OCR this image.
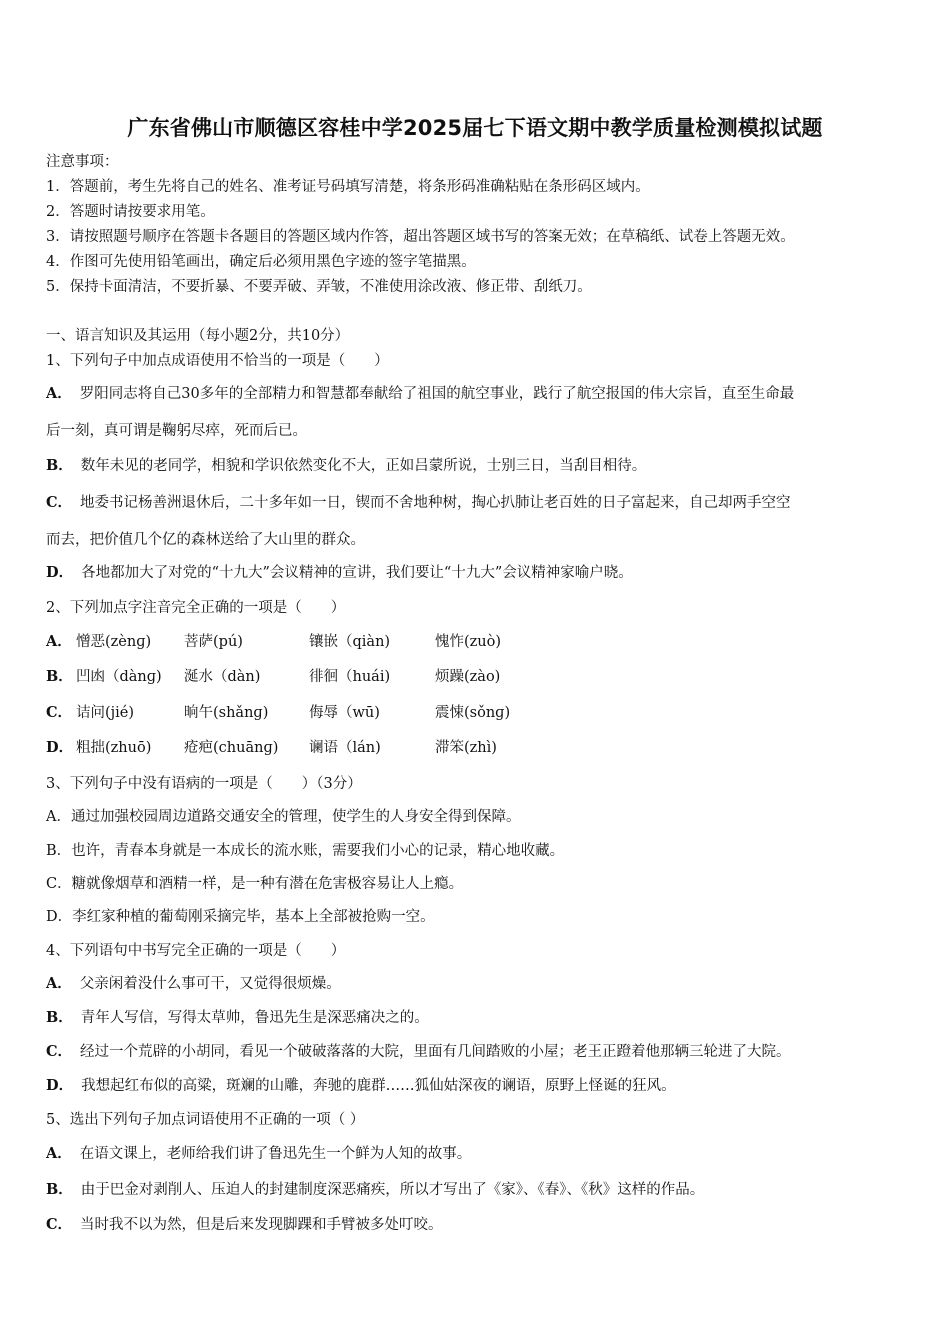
广东省佛山市顺德区容桂中学2025届七下语文期中教学质量检测模拟试题
注意事项：
1．答题前，考生先将自己的姓名、准考证号码填写清楚，将条形码准确粘贴在条形码区域内。
2．答题时请按要求用笔。
3．请按照题号顺序在答题卡各题目的答题区域内作答，超出答题区域书写的答案无效；在草稿纸、试卷上答题无效。
4．作图可先使用铅笔画出，确定后必须用黑色字迹的签字笔描黑。
5．保持卡面清洁，不要折暴、不要弄破、弄皱，不准使用涂改液、修正带、刮纸刀。
一、语言知识及其运用（每小题2分，共10分）
1、下列句子中加点成语使用不恰当的一项是（　　）
A． 罗阳同志将自己30多年的全部精力和智慧都奉献给了祖国的航空事业，践行了航空报国的伟大宗旨，直至生命最
后一刻，真可谓是鞠躬尽瘁，死而后已。
B． 数年未见的老同学，相貌和学识依然变化不大，正如吕蒙所说，士别三日，当刮目相待。
C． 地委书记杨善洲退休后，二十多年如一日，锲而不舍地种树，掏心扒肺让老百姓的日子富起来，自己却两手空空
而去，把价值几个亿的森林送给了大山里的群众。
D． 各地都加大了对党的“十九大”会议精神的宣讲，我们要让“十九大”会议精神家喻户晓。
2、下列加点字注音完全正确的一项是（　　）
A． 憎恶(zènɡ) 菩萨(pú)	镶嵌（qiàn)	愧怍(zuò)
B． 凹凼（dànɡ) 涎水（dàn)	徘徊（huái)	烦躁(zào)
C． 诘问(jié)	晌午(shǎnɡ)	侮辱（wū)	震悚(sǒnɡ)
D． 粗拙(zhuō) 疮疤(chuānɡ) 谰语（lán)	滞笨(zhì)
3、下列句子中没有语病的一项是（　　）（3分）
A．通过加强校园周边道路交通安全的管理，使学生的人身安全得到保障。
B．也许，青春本身就是一本成长的流水账，需要我们小心的记录，精心地收藏。
C．糖就像烟草和酒精一样，是一种有潜在危害极容易让人上瘾。
D．李红家种植的葡萄刚采摘完毕，基本上全部被抢购一空。
4、下列语句中书写完全正确的一项是（　　）
A． 父亲闲着没什么事可干，又觉得很烦燥。
B． 青年人写信，写得太草帅，鲁迅先生是深恶痛决之的。
C． 经过一个荒辟的小胡同，看见一个破破落落的大院，里面有几间踏败的小屋；老王正蹬着他那辆三轮进了大院。
D． 我想起红布似的高粱，斑斓的山雕，奔驰的鹿群……狐仙姑深夜的谰语，原野上怪诞的狂风。
5、选出下列句子加点词语使用不正确的一项（ ）
A． 在语文课上，老师给我们讲了鲁迅先生一个鲜为人知的故事。
B． 由于巴金对剥削人、压迫人的封建制度深恶痛疾，所以才写出了《家》、《春》、《秋》这样的作品。
C． 当时我不以为然，但是后来发现脚踝和手臂被多处叮咬。
